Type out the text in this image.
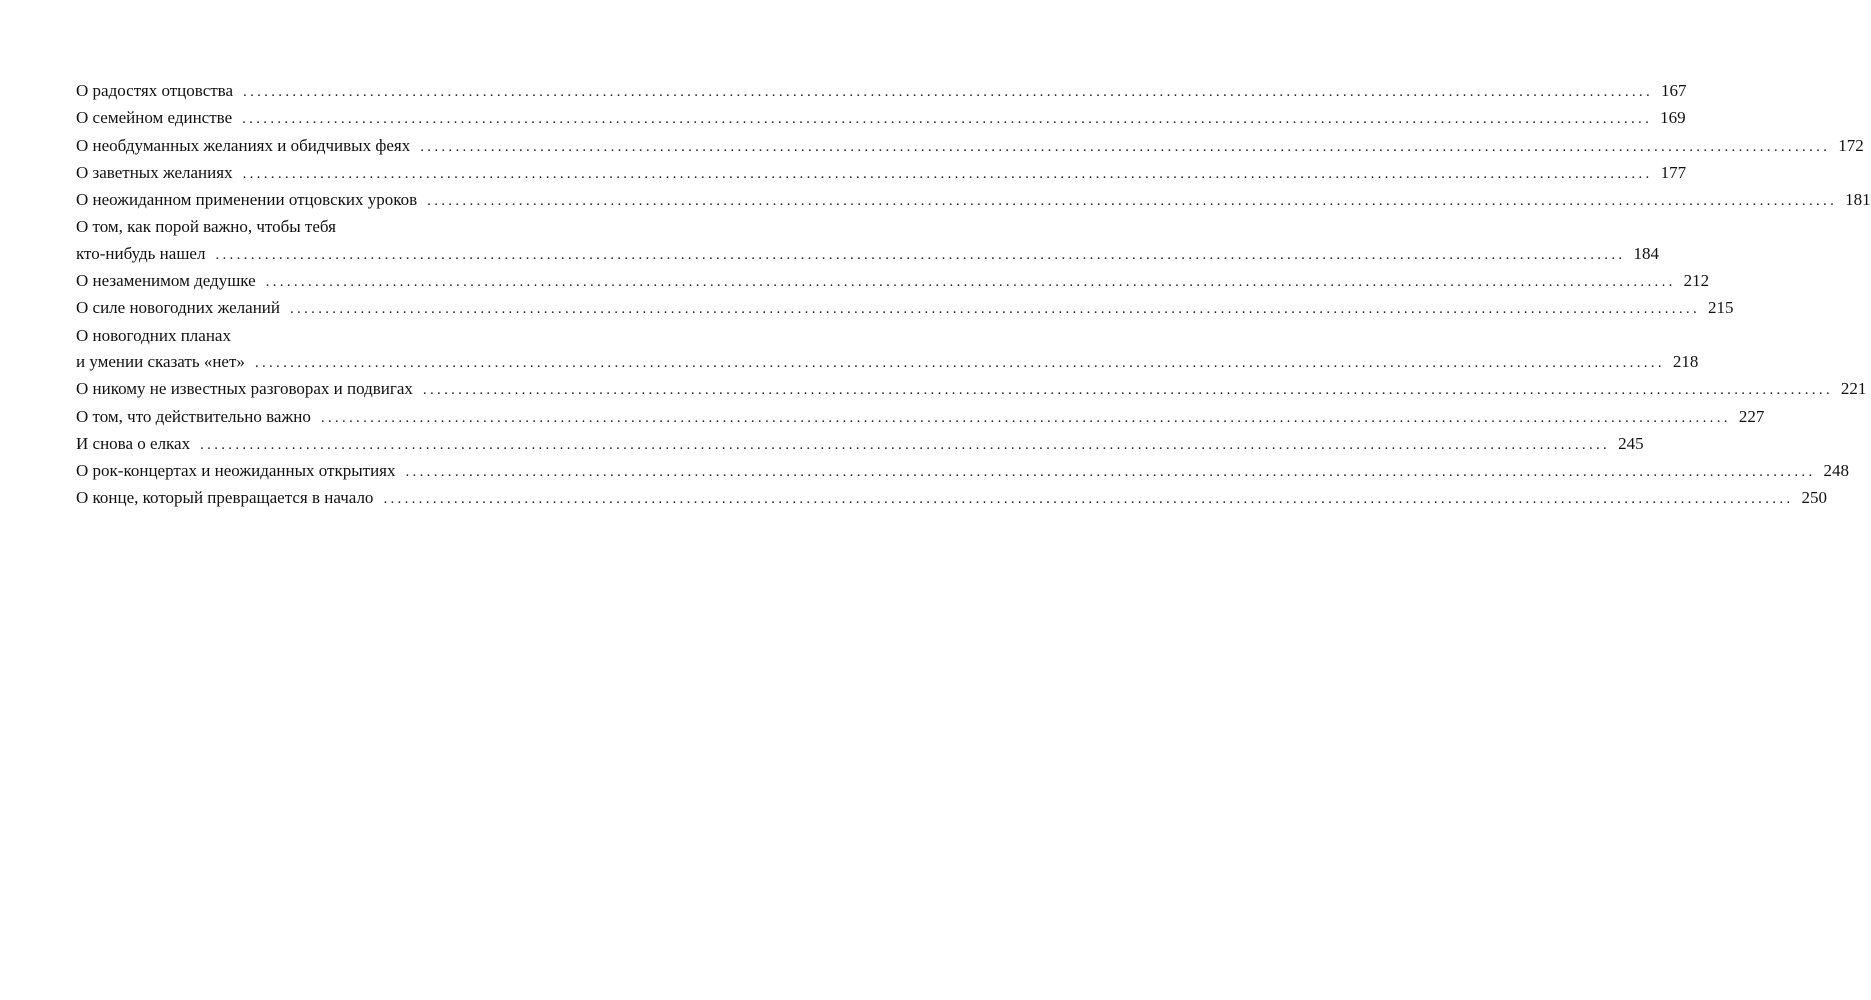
О радостях отцовства ........................................................................................................................................................................................................ 167
О семейном единстве ........................................................................................................................................................................................................ 169
О необдуманных желаниях и обидчивых феях ........................................................................................................................................................................................................ 172
О заветных желаниях ........................................................................................................................................................................................................ 177
О неожиданном применении отцовских уроков ........................................................................................................................................................................................................ 181
О том, как порой важно, чтобы тебя
кто-нибудь нашел ........................................................................................................................................................................................................ 184
О незаменимом дедушке ........................................................................................................................................................................................................ 212
О силе новогодних желаний ........................................................................................................................................................................................................ 215
О новогодних планах
и умении сказать «нет» ........................................................................................................................................................................................................ 218
О никому не известных разговорах и подвигах ........................................................................................................................................................................................................ 221
О том, что действительно важно ........................................................................................................................................................................................................ 227
И снова о елках ........................................................................................................................................................................................................ 245
О рок-концертах и неожиданных открытиях ........................................................................................................................................................................................................ 248
О конце, который превращается в начало ........................................................................................................................................................................................................ 250
